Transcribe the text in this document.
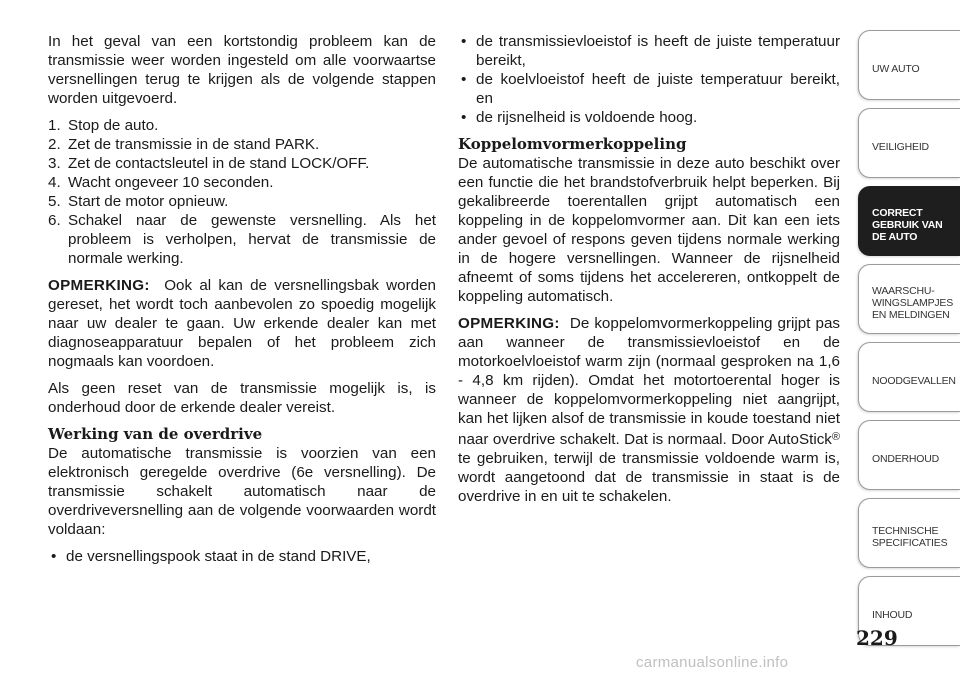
In het geval van een kortstondig probleem kan de transmissie weer worden ingesteld om alle voorwaartse versnellingen terug te krijgen als de volgende stappen worden uitgevoerd.

1. Stop de auto.
2. Zet de transmissie in de stand PARK.
3. Zet de contactsleutel in de stand LOCK/OFF.
4. Wacht ongeveer 10 seconden.
5. Start de motor opnieuw.
6. Schakel naar de gewenste versnelling. Als het probleem is verholpen, hervat de transmissie de normale werking.

OPMERKING: Ook al kan de versnellingsbak worden gereset, het wordt toch aanbevolen zo spoedig mogelijk naar uw dealer te gaan. Uw erkende dealer kan met diagnoseapparatuur bepalen of het probleem zich nogmaals kan voordoen.

Als geen reset van de transmissie mogelijk is, is onderhoud door de erkende dealer vereist.

Werking van de overdrive

De automatische transmissie is voorzien van een elektronisch geregelde overdrive (6e versnelling). De transmissie schakelt automatisch naar de overdriveversnelling aan de volgende voorwaarden wordt voldaan:

• de versnellingspook staat in de stand DRIVE,
• de transmissievloeistof is heeft de juiste temperatuur bereikt,
• de koelvloeistof heeft de juiste temperatuur bereikt, en
• de rijsnelheid is voldoende hoog.
Koppelomvormerkoppeling

De automatische transmissie in deze auto beschikt over een functie die het brandstofverbruik helpt beperken. Bij gekalibreerde toerentallen grijpt automatisch een koppeling in de koppelomvormer aan. Dit kan een iets ander gevoel of respons geven tijdens normale werking in de hogere versnellingen. Wanneer de rijsnelheid afneemt of soms tijdens het accelereren, ontkoppelt de koppeling automatisch.

OPMERKING: De koppelomvormerkoppeling grijpt pas aan wanneer de transmissievloeistof en de motorkoelvloeistof warm zijn (normaal gesproken na 1,6 - 4,8 km rijden). Omdat het motortoerental hoger is wanneer de koppelomvormerkoppeling niet aangrijpt, kan het lijken alsof de transmissie in koude toestand niet naar overdrive schakelt. Dat is normaal. Door AutoStick® te gebruiken, terwijl de transmissie voldoende warm is, wordt aangetoond dat de transmissie in staat is de overdrive in en uit te schakelen.

UW AUTO
VEILIGHEID
CORRECT
GEBRUIK VAN
DE AUTO
WAARSCHU-
WINGSLAMPJES
EN MELDINGEN
NOODGEVALLEN
ONDERHOUD
TECHNISCHE
SPECIFICATIES
INHOUD
229
carmanualsonline.info
